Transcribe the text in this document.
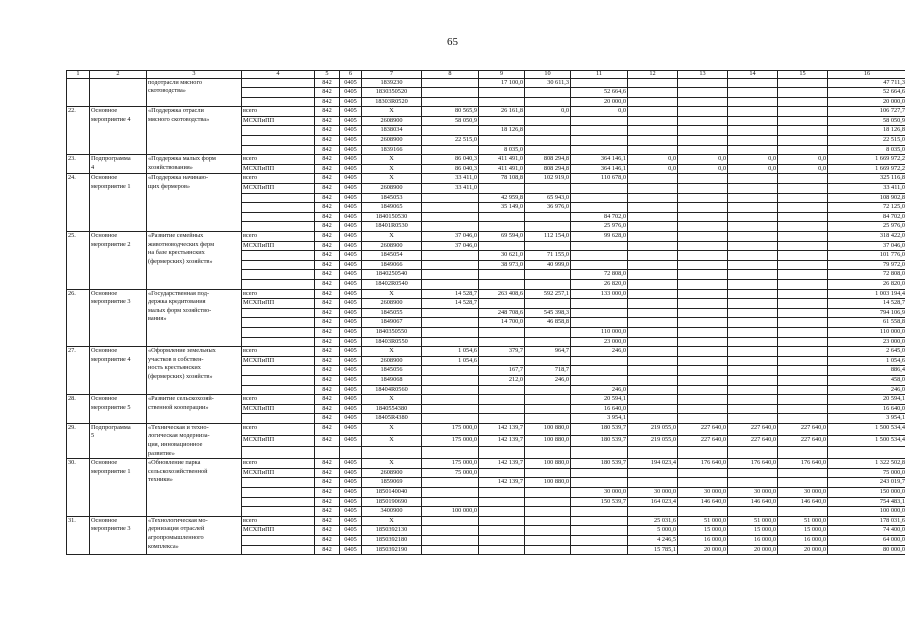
65
1	2	3	4	5	6	7	8	9	10	11	12	13	14	15	16
		подотрасли мясного
скотоводства»		842	0405	1839230		17 100,0	30 611,3						47 711,3
				842	0405	1830350520				52 664,6					52 664,6
				842	0405	18303R0520				20 000,0					20 000,0
22.	Основное
мероприятие 4	«Поддержка отрасли
мясного скотоводства»	всего	842	0405	Х	80 565,9	26 161,8	0,0	0,0					106 727,7
			МСХПиПП	842	0405	2608900	58 050,9								58 050,9
				842	0405	1838034		18 126,8							18 126,8
				842	0405	2608900	22 515,0								22 515,0
				842	0405	1839166		8 035,0							8 035,0
23.	Подпрограмма
4	«Поддержка малых форм
хозяйствования»	всего	842	0405	Х	86 040,3	411 491,0	808 294,8	364 146,1	0,0	0,0	0,0	0,0	1 669 972,2
			МСХПиПП	842	0405	Х	86 040,3	411 491,0	808 294,8	364 146,1	0,0	0,0	0,0	0,0	1 669 972,2
24.	Основное
мероприятие 1	«Поддержка начинаю-
щих фермеров»	всего	842	0405	Х	33 411,0	78 108,8	102 919,0	110 678,0					325 116,8
			МСХПиПП	842	0405	2608900	33 411,0								33 411,0
				842	0405	1845053		42 959,8	65 943,0						108 902,8
				842	0405	1849065		35 149,0	36 976,0						72 125,0
				842	0405	1840150530				84 702,0					84 702,0
				842	0405	18401R0530				25 976,0					25 976,0
25.	Основное
мероприятие 2	«Развитие семейных
животноводческих ферм
на базе крестьянских
(фермерских) хозяйств»	всего	842	0405	Х	37 046,0	69 594,0	112 154,0	99 628,0					318 422,0
			МСХПиПП	842	0405	2608900	37 046,0								37 046,0
				842	0405	1845054		30 621,0	71 155,0						101 776,0
				842	0405	1849066		38 973,0	40 999,0						79 972,0
				842	0405	1840250540				72 808,0					72 808,0
				842	0405	18402R0540				26 820,0					26 820,0
26.	Основное
мероприятие 3	«Государственная под-
держка кредитования
малых форм хозяйство-
вания»	всего	842	0405	Х	14 528,7	263 408,6	592 257,1	133 000,0					1 003 194,4
			МСХПиПП	842	0405	2608900	14 528,7								14 528,7
				842	0405	1845055		248 708,6	545 398,3						794 106,9
				842	0405	1849067		14 700,0	46 858,8						61 558,8
				842	0405	1840350550				110 000,0					110 000,0
				842	0405	18403R0550				23 000,0					23 000,0
27.	Основное
мероприятие 4	«Оформление земельных
участков в собствен-
ность крестьянских
(фермерских) хозяйств»	всего	842	0405	Х	1 054,6	379,7	964,7	246,0					2 645,0
			МСХПиПП	842	0405	2608900	1 054,6								1 054,6
				842	0405	1845056		167,7	718,7						886,4
				842	0405	1849068		212,0	246,0						458,0
				842	0405	18404R0560				246,0					246,0
28.	Основное
мероприятие 5	«Развитие сельскохозяй-
ственной кооперации»	всего	842	0405	Х				20 594,1					20 594,1
			МСХПиПП	842	0405	1840554380				16 640,0					16 640,0
				842	0405	18405R4380				3 954,1					3 954,1
29.	Подпрограмма
5	«Техническая и техно-
логическая модерниза-
ция, инновационное
развитие»	всего	842	0405	Х	175 000,0	142 139,7	100 880,0	180 539,7	219 055,0	227 640,0	227 640,0	227 640,0	1 500 534,4
			МСХПиПП	842	0405	Х	175 000,0	142 139,7	100 880,0	180 539,7	219 055,0	227 640,0	227 640,0	227 640,0	1 500 534,4

30.	Основное
мероприятие 1	«Обновление парка
сельскохозяйственной
техники»	всего	842	0405	Х	175 000,0	142 139,7	100 880,0	180 539,7	194 023,4	176 640,0	176 640,0	176 640,0	1 322 502,8
			МСХПиПП	842	0405	2608900	75 000,0								75 000,0
				842	0405	1859069		142 139,7	100 880,0						243 019,7
				842	0405	1850140040				30 000,0	30 000,0	30 000,0	30 000,0	30 000,0	150 000,0
				842	0405	1850190690				150 539,7	164 023,4	146 640,0	146 640,0	146 640,0	754 483,1
				842	0405	3400900	100 000,0								100 000,0
31.	Основное
мероприятие 3	«Технологическая мо-
дернизация отраслей
агропромышленного
комплекса»	всего	842	0405	Х					25 031,6	51 000,0	51 000,0	51 000,0	178 031,6
			МСХПиПП	842	0405	1850392130					5 000,0	15 000,0	15 000,0	15 000,0	74 400,0
				842	0405	1850392180					4 246,5	16 000,0	16 000,0	16 000,0	64 000,0
				842	0405	1850392190					15 785,1	20 000,0	20 000,0	20 000,0	80 000,0
